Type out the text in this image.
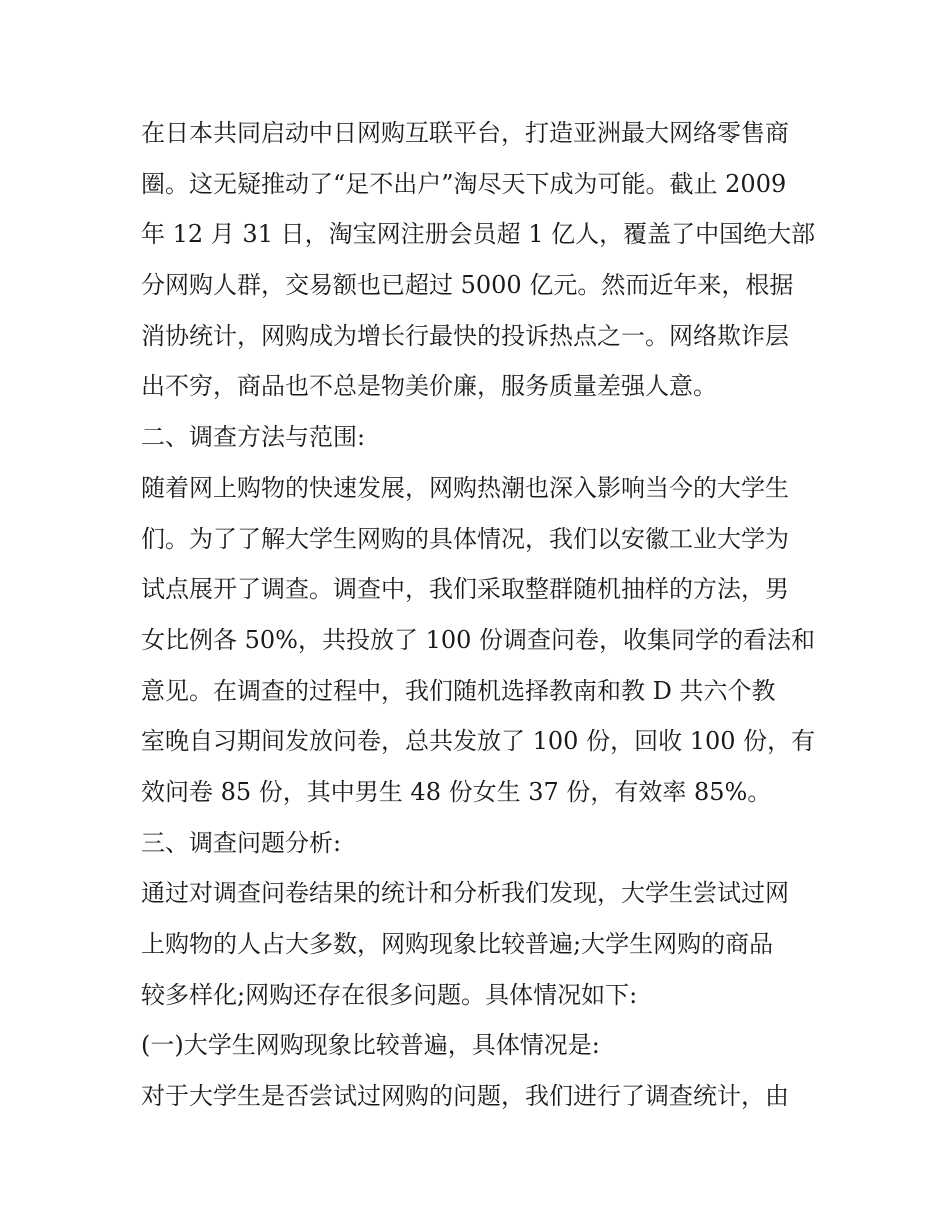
在日本共同启动中日网购互联平台，打造亚洲最大网络零售商
圈。这无疑推动了“足不出户”淘尽天下成为可能。截止 2009
年 12 月 31 日，淘宝网注册会员超 1 亿人，覆盖了中国绝大部
分网购人群，交易额也已超过 5000 亿元。然而近年来，根据
消协统计，网购成为增长行最快的投诉热点之一。网络欺诈层
出不穷，商品也不总是物美价廉，服务质量差强人意。
二、调查方法与范围:
随着网上购物的快速发展，网购热潮也深入影响当今的大学生
们。为了了解大学生网购的具体情况，我们以安徽工业大学为
试点展开了调查。调查中，我们采取整群随机抽样的方法，男
女比例各 50%，共投放了 100 份调查问卷，收集同学的看法和
意见。在调查的过程中，我们随机选择教南和教 D 共六个教
室晚自习期间发放问卷，总共发放了 100 份，回收 100 份，有
效问卷 85 份，其中男生 48 份女生 37 份，有效率 85%。
三、调查问题分析:
通过对调查问卷结果的统计和分析我们发现，大学生尝试过网
上购物的人占大多数，网购现象比较普遍;大学生网购的商品
较多样化;网购还存在很多问题。具体情况如下:
(一)大学生网购现象比较普遍，具体情况是:
对于大学生是否尝试过网购的问题，我们进行了调查统计，由
